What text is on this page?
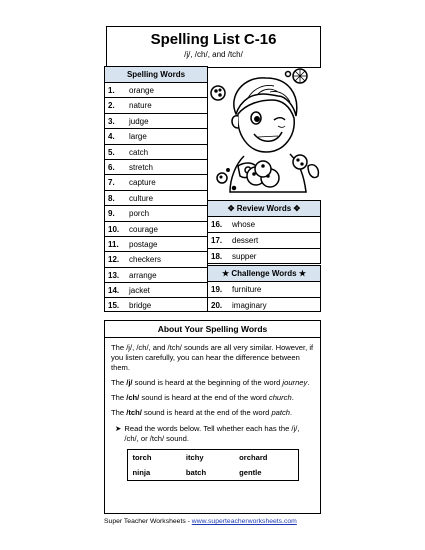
Spelling List C-16
/j/, /ch/, and /tch/
Spelling Words
1.	orange
2.	nature
3.	judge
4.	large
5.	catch
6.	stretch
7.	capture
8.	culture
9.	porch
10.	courage
11.	postage
12.	checkers
13.	arrange
14.	jacket
15.	bridge
✥ Review Words ✥
16.	whose
17.	dessert
18.	supper
★ Challenge Words ★
19.	furniture
20.	imaginary
About Your Spelling Words
The /j/, /ch/, and /tch/ sounds are all very similar. However, if you listen carefully, you can hear the difference between them.
The /j/ sound is heard at the beginning of the word journey.
The /ch/ sound is heard at the end of the word church.
The /tch/ sound is heard at the end of the word patch.
➤ Read the words below. Tell whether each has the /j/, /ch/, or /tch/ sound.
torch	itchy	orchard
ninja	batch	gentle
Super Teacher Worksheets - www.superteacherworksheets.com
